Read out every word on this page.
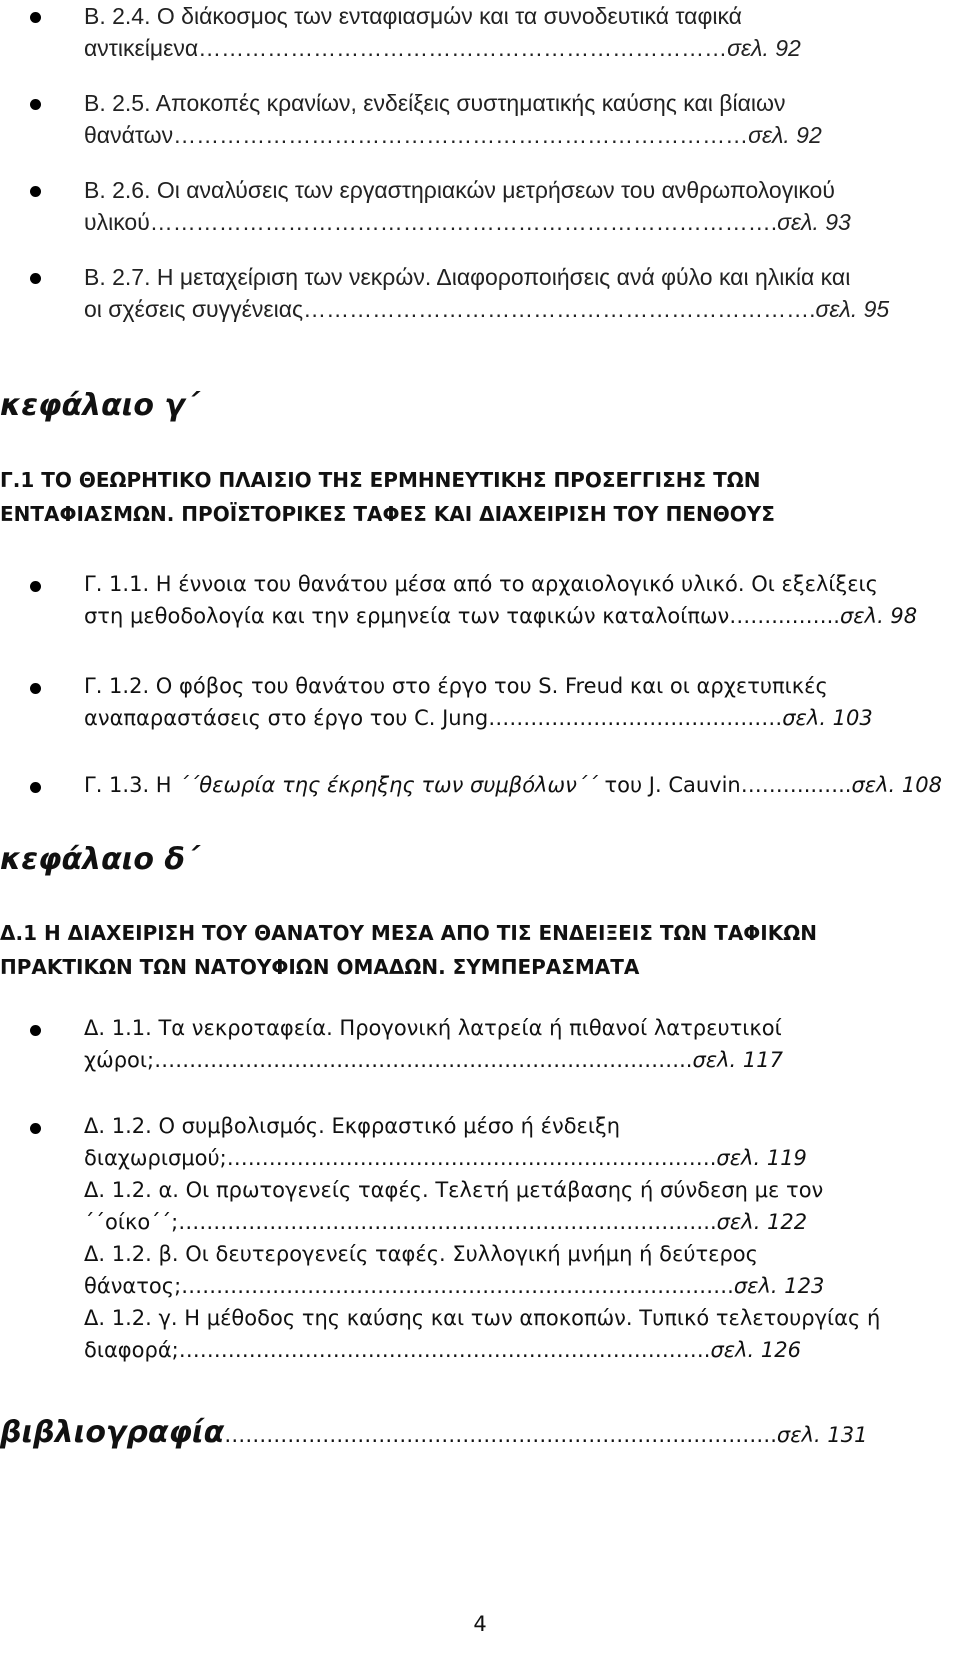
Β. 2.4. Ο διάκοσμος των ενταφιασμών και τα συνοδευτικά ταφικά
αντικείμενα……………………………………………………………σελ. 92
Β. 2.5. Αποκοπές κρανίων, ενδείξεις συστηματικής καύσης και βίαιων
θανάτων…………………………………………………………………σελ. 92
Β. 2.6. Οι αναλύσεις των εργαστηριακών μετρήσεων του ανθρωπολογικού
υλικού……………………………………………………………………….σελ. 93
Β. 2.7. Η μεταχείριση των νεκρών. Διαφοροποιήσεις ανά φύλο και ηλικία και
οι σχέσεις συγγένειας………………………………………………………….σελ. 95
κεφάλαιο γ΄
Γ.1 ΤΟ ΘΕΩΡΗΤΙΚΟ ΠΛΑΙΣΙΟ ΤΗΣ ΕΡΜΗΝΕΥΤΙΚΗΣ ΠΡΟΣΕΓΓΙΣΗΣ ΤΩΝ
ΕΝΤΑΦΙΑΣΜΩΝ. ΠΡΟΪΣΤΟΡΙΚΕΣ ΤΑΦΕΣ ΚΑΙ ΔΙΑΧΕΙΡΙΣΗ ΤΟΥ ΠΕΝΘΟΥΣ
Γ. 1.1. Η έννοια του θανάτου μέσα από το αρχαιολογικό υλικό. Οι εξελίξεις
στη μεθοδολογία και την ερμηνεία των ταφικών καταλοίπων……..……..σελ. 98
Γ. 1.2. Ο φόβος του θανάτου στο έργο του S. Freud και οι αρχετυπικές
αναπαραστάσεις στο έργο του C. Jung……………………………………σελ. 103
Γ. 1.3. Η ΄΄θεωρία της έκρηξης των συμβόλων΄΄ του J. Cauvin………..…..σελ. 108
κεφάλαιο δ΄
Δ.1 Η ΔΙΑΧΕΙΡΙΣΗ ΤΟΥ ΘΑΝΑΤΟΥ ΜΕΣΑ ΑΠΟ ΤΙΣ ΕΝΔΕΙΞΕΙΣ ΤΩΝ ΤΑΦΙΚΩΝ
ΠΡΑΚΤΙΚΩΝ ΤΩΝ ΝΑΤΟΥΦΙΩΝ ΟΜΑΔΩΝ. ΣΥΜΠΕΡΑΣΜΑΤΑ
Δ. 1.1. Τα νεκροταφεία. Προγονική λατρεία ή πιθανοί λατρευτικοί
χώροι;…………………………………………………………………..σελ. 117
Δ. 1.2. Ο συμβολισμός. Εκφραστικό μέσο ή ένδειξη
διαχωρισμού;…………………………………………………………….σελ. 119
Δ. 1.2. α. Οι πρωτογενείς ταφές. Τελετή μετάβασης ή σύνδεση με τον
΄΄οίκο΄΄;…………………………………………………………………..σελ. 122
Δ. 1.2. β. Οι δευτερογενείς ταφές. Συλλογική μνήμη ή δεύτερος
θάνατος;…………………………………………………………………….σελ. 123
Δ. 1.2. γ. Η μέθοδος της καύσης και των αποκοπών. Τυπικό τελετουργίας ή
διαφορά;………………………………………………………………….σελ. 126
βιβλιογραφία…………………………………………………………………….σελ. 131
4
